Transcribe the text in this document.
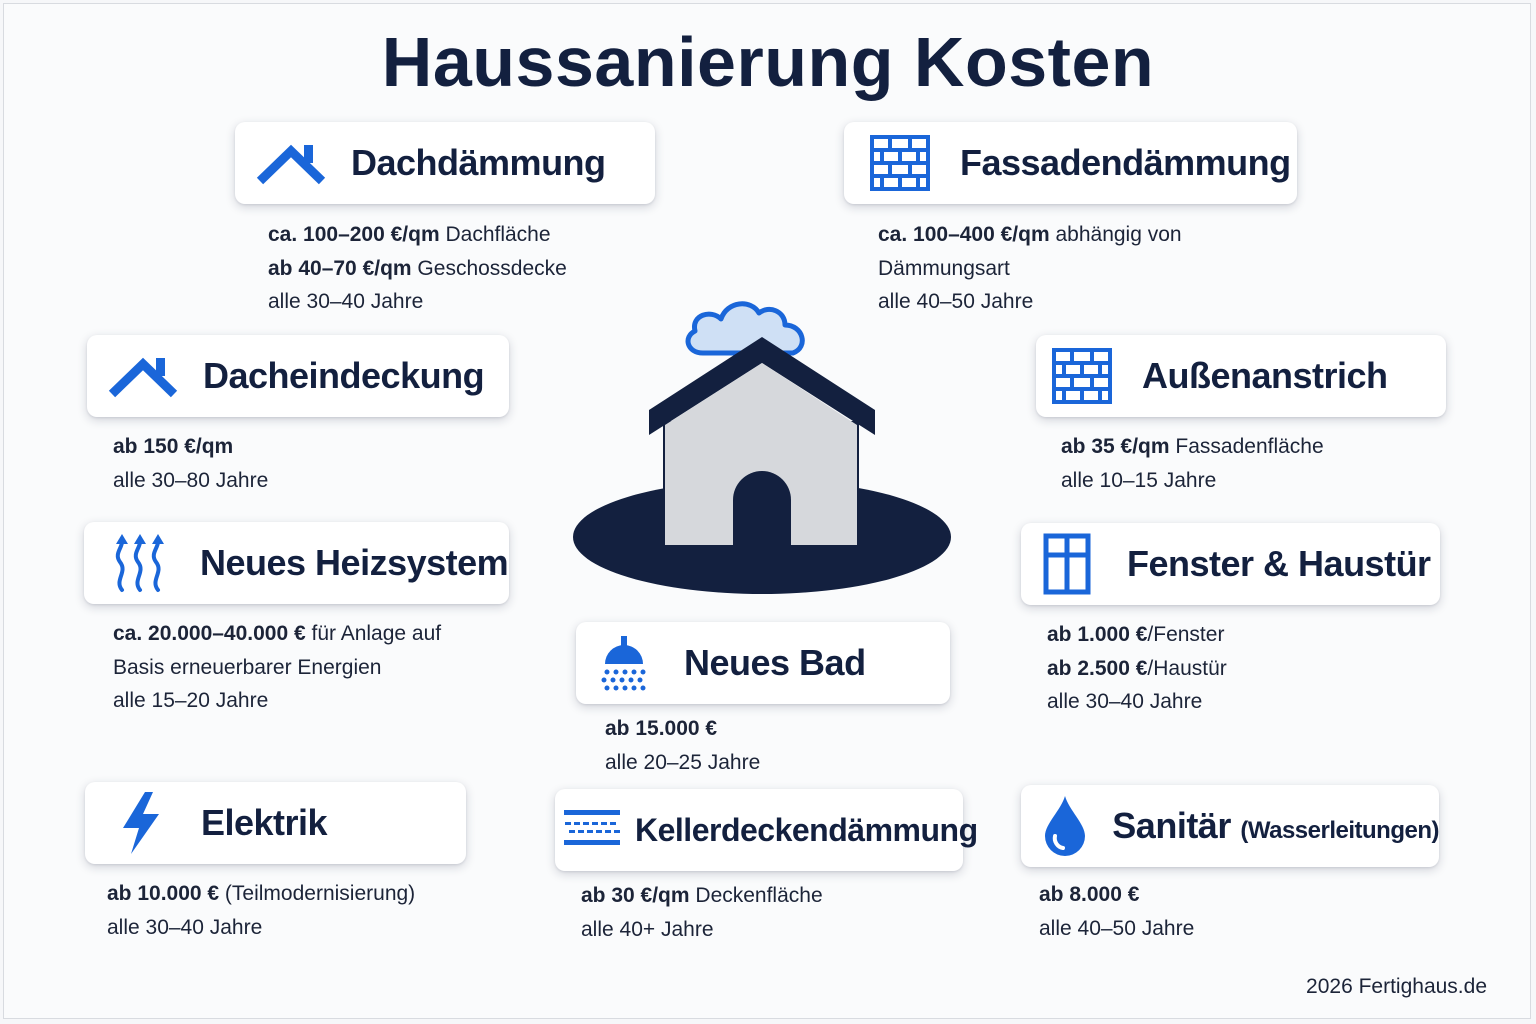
Haussanierung Kosten
Dachdämmung
ca. 100–200 €/qm Dachfläche
ab 40–70 €/qm Geschossdecke
alle 30–40 Jahre
Fassadendämmung
ca. 100–400 €/qm abhängig von
Dämmungsart
alle 40–50 Jahre
Dacheindeckung
ab 150 €/qm
alle 30–80 Jahre
Außenanstrich
ab 35 €/qm Fassadenfläche
alle 10–15 Jahre
Neues Heizsystem
ca. 20.000–40.000 € für Anlage auf
Basis erneuerbarer Energien
alle 15–20 Jahre
Fenster & Haustür
ab 1.000 €/Fenster
ab 2.500 €/Haustür
alle 30–40 Jahre
Neues Bad
ab 15.000 €
alle 20–25 Jahre
Elektrik
ab 10.000 € (Teilmodernisierung)
alle 30–40 Jahre
Kellerdeckendämmung
ab 30 €/qm Deckenfläche
alle 40+ Jahre
Sanitär (Wasserleitungen)
ab 8.000 €
alle 40–50 Jahre
2026 Fertighaus.de
